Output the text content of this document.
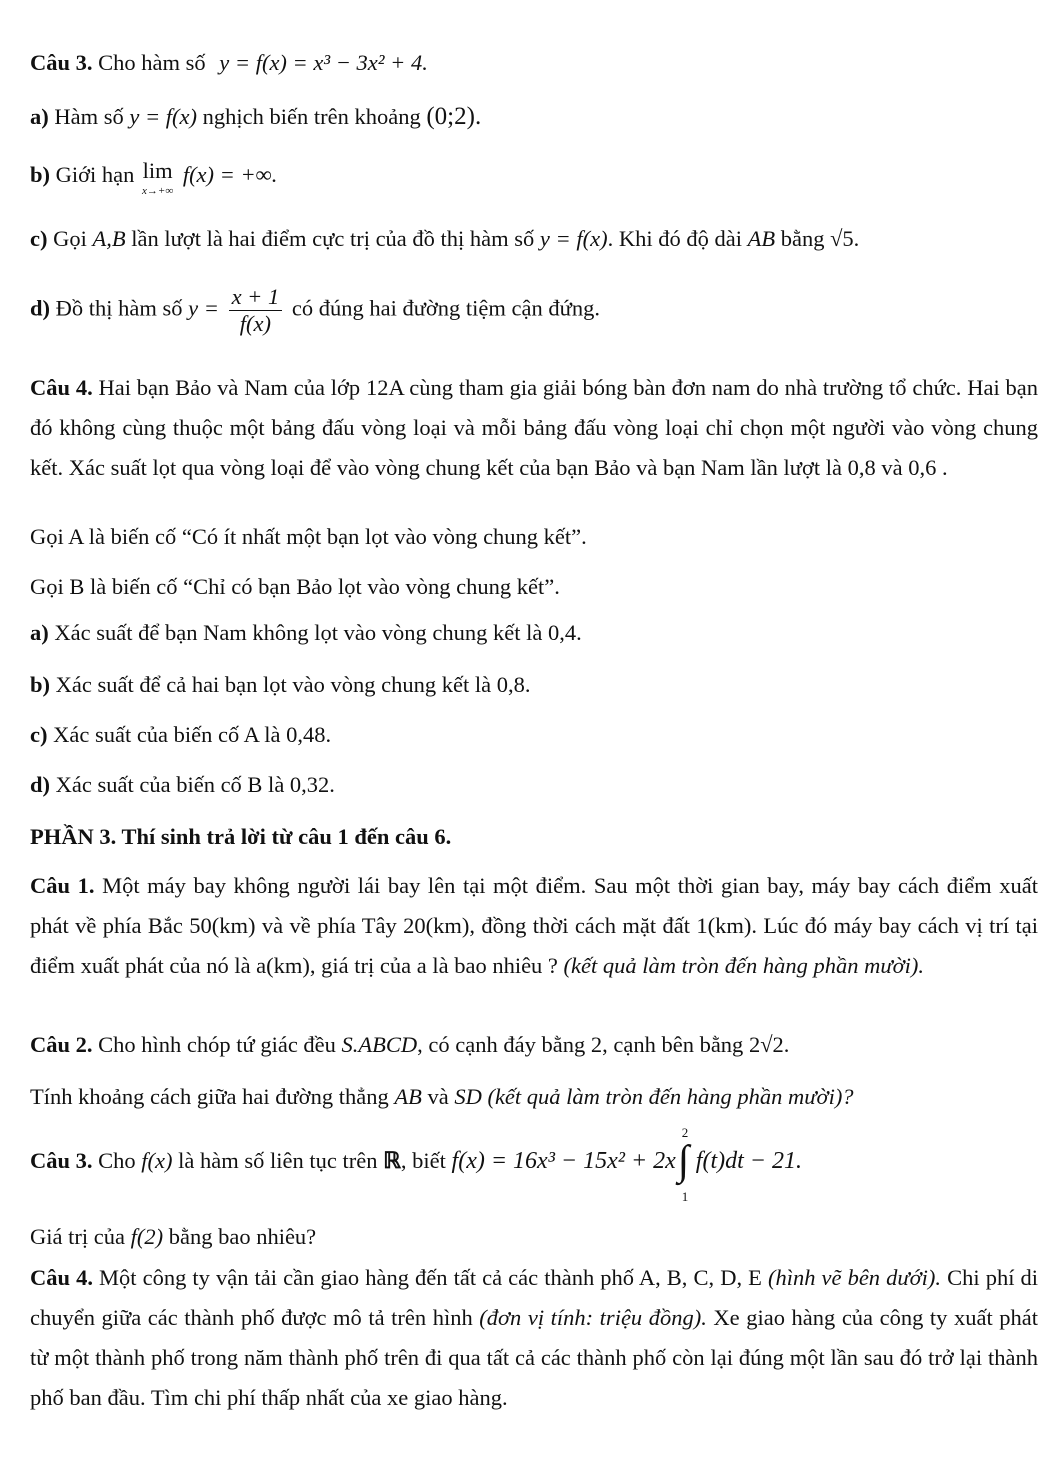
Câu 3. Cho hàm số y = f(x) = x³ − 3x² + 4.
a) Hàm số y = f(x) nghịch biến trên khoảng (0;2).
b) Giới hạn lim
x→+∞
f(x) = +∞.
c) Gọi A,B lần lượt là hai điểm cực trị của đồ thị hàm số y = f(x). Khi đó độ dài AB bằng √5.
d) Đồ thị hàm số $y = \frac{x + 1}{f(x)}$ có đúng hai đường tiệm cận đứng.
Câu 4. Hai bạn Bảo và Nam của lớp 12A cùng tham gia giải bóng bàn đơn nam do nhà trường tổ chức. Hai bạn đó không cùng thuộc một bảng đấu vòng loại và mỗi bảng đấu vòng loại chỉ chọn một người vào vòng chung kết. Xác suất lọt qua vòng loại để vào vòng chung kết của bạn Bảo và bạn Nam lần lượt là 0,8 và 0,6 .
Gọi A là biến cố “Có ít nhất một bạn lọt vào vòng chung kết”.
Gọi B là biến cố “Chỉ có bạn Bảo lọt vào vòng chung kết”.
a) Xác suất để bạn Nam không lọt vào vòng chung kết là 0,4.
b) Xác suất để cả hai bạn lọt vào vòng chung kết là 0,8.
c) Xác suất của biến cố A là 0,48.
d) Xác suất của biến cố B là 0,32.
PHẦN 3. Thí sinh trả lời từ câu 1 đến câu 6.
Câu 1. Một máy bay không người lái bay lên tại một điểm. Sau một thời gian bay, máy bay cách điểm xuất phát về phía Bắc 50(km) và về phía Tây 20(km), đồng thời cách mặt đất 1(km). Lúc đó máy bay cách vị trí tại điểm xuất phát của nó là a(km), giá trị của a là bao nhiêu ? (kết quả làm tròn đến hàng phần mười).
Câu 2. Cho hình chóp tứ giác đều S.ABCD, có cạnh đáy bằng 2, cạnh bên bằng 2√2.
Tính khoảng cách giữa hai đường thẳng AB và SD (kết quả làm tròn đến hàng phần mười)?
Câu 3. Cho f(x) là hàm số liên tục trên ℝ, biết f(x) = 16x³ − 15x² + 2x ∫
2
1
f(t)dt − 21.
Giá trị của f(2) bằng bao nhiêu?
Câu 4. Một công ty vận tải cần giao hàng đến tất cả các thành phố A, B, C, D, E (hình vẽ bên dưới). Chi phí di chuyển giữa các thành phố được mô tả trên hình (đơn vị tính: triệu đồng). Xe giao hàng của công ty xuất phát từ một thành phố trong năm thành phố trên đi qua tất cả các thành phố còn lại đúng một lần sau đó trở lại thành phố ban đầu. Tìm chi phí thấp nhất của xe giao hàng.
